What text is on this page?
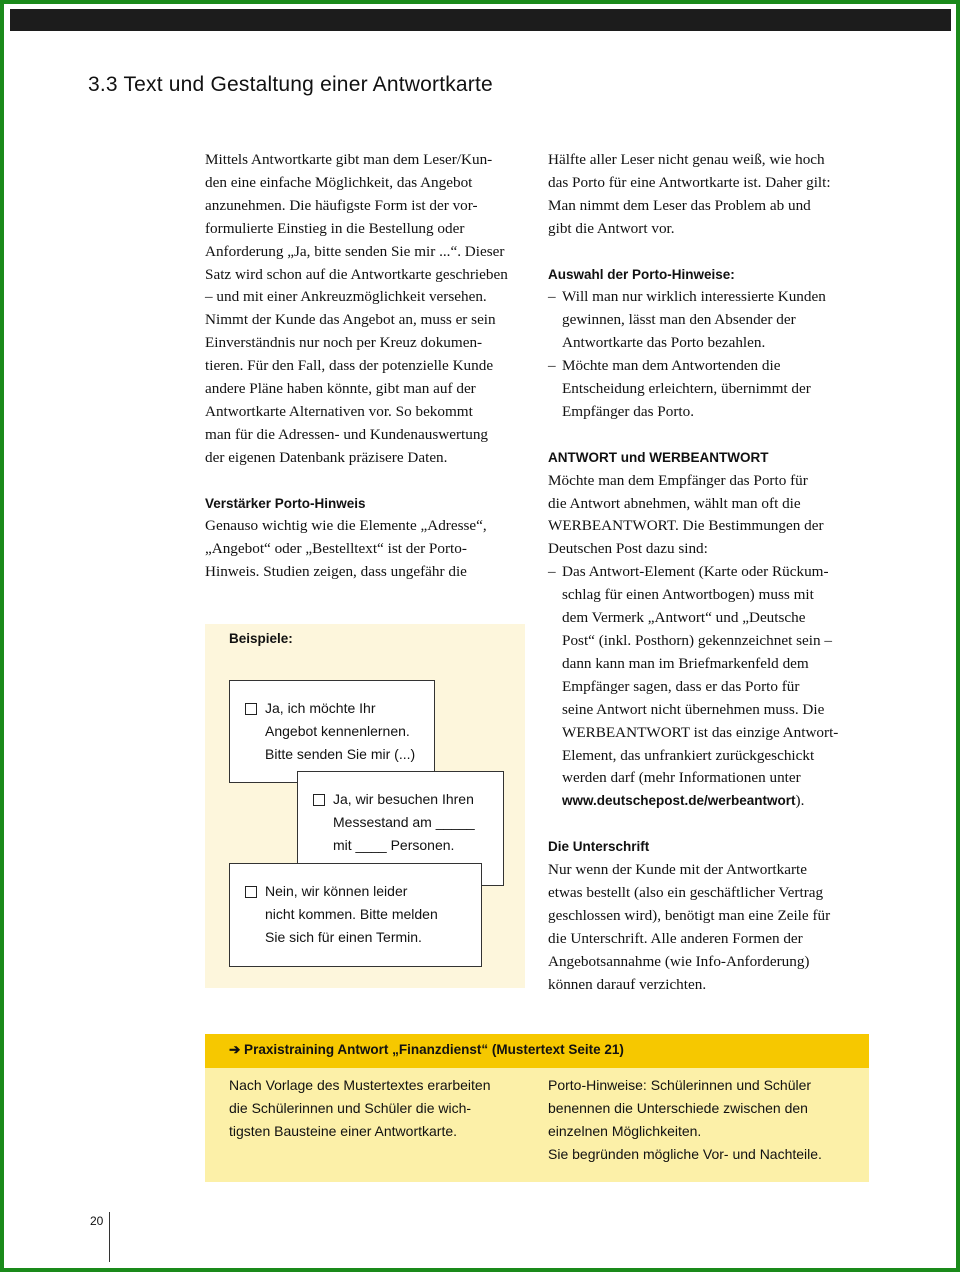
3.3 Text und Gestaltung einer Antwortkarte
Mittels Antwortkarte gibt man dem Leser/Kun-
den eine einfache Möglichkeit, das Angebot
anzunehmen. Die häufigste Form ist der vor-
formulierte Einstieg in die Bestellung oder
Anforderung „Ja, bitte senden Sie mir ...“. Dieser
Satz wird schon auf die Antwortkarte geschrieben
– und mit einer Ankreuzmöglichkeit versehen.
Nimmt der Kunde das Angebot an, muss er sein
Einverständnis nur noch per Kreuz dokumen-
tieren. Für den Fall, dass der potenzielle Kunde
andere Pläne haben könnte, gibt man auf der
Antwortkarte Alternativen vor. So bekommt
man für die Adressen- und Kundenauswertung
der eigenen Datenbank präzisere Daten.

Verstärker Porto-Hinweis

Genauso wichtig wie die Elemente „Adresse“,
„Angebot“ oder „Bestelltext“ ist der Porto-
Hinweis. Studien zeigen, dass ungefähr die
Beispiele:
Ja, ich möchte Ihr
Angebot kennenlernen.
Bitte senden Sie mir (...)
Ja, wir besuchen Ihren
Messestand am _____
mit ____ Personen.
Nein, wir können leider
nicht kommen. Bitte melden
Sie sich für einen Termin.
Hälfte aller Leser nicht genau weiß, wie hoch
das Porto für eine Antwortkarte ist. Daher gilt:
Man nimmt dem Leser das Problem ab und
gibt die Antwort vor.

Auswahl der Porto-Hinweise:

– Will man nur wirklich interessierte Kunden
gewinnen, lässt man den Absender der
Antwortkarte das Porto bezahlen.
– Möchte man dem Antwortenden die
Entscheidung erleichtern, übernimmt der
Empfänger das Porto.

ANTWORT und WERBEANTWORT

Möchte man dem Empfänger das Porto für
die Antwort abnehmen, wählt man oft die
WERBEANTWORT. Die Bestimmungen der
Deutschen Post dazu sind:
– Das Antwort-Element (Karte oder Rückum-
schlag für einen Antwortbogen) muss mit
dem Vermerk „Antwort“ und „Deutsche
Post“ (inkl. Posthorn) gekennzeichnet sein –
dann kann man im Briefmarkenfeld dem
Empfänger sagen, dass er das Porto für
seine Antwort nicht übernehmen muss. Die
WERBEANTWORT ist das einzige Antwort-
Element, das unfrankiert zurückgeschickt
werden darf (mehr Informationen unter
www.deutschepost.de/werbeantwort).

Die Unterschrift

Nur wenn der Kunde mit der Antwortkarte
etwas bestellt (also ein geschäftlicher Vertrag
geschlossen wird), benötigt man eine Zeile für
die Unterschrift. Alle anderen Formen der
Angebotsannahme (wie Info-Anforderung)
können darauf verzichten.
➔ Praxistraining Antwort „Finanzdienst“ (Mustertext Seite 21)
Nach Vorlage des Mustertextes erarbeiten
die Schülerinnen und Schüler die wich-
tigsten Bausteine einer Antwortkarte.
Porto-Hinweise: Schülerinnen und Schüler
benennen die Unterschiede zwischen den
einzelnen Möglichkeiten.
Sie begründen mögliche Vor- und Nachteile.
20
